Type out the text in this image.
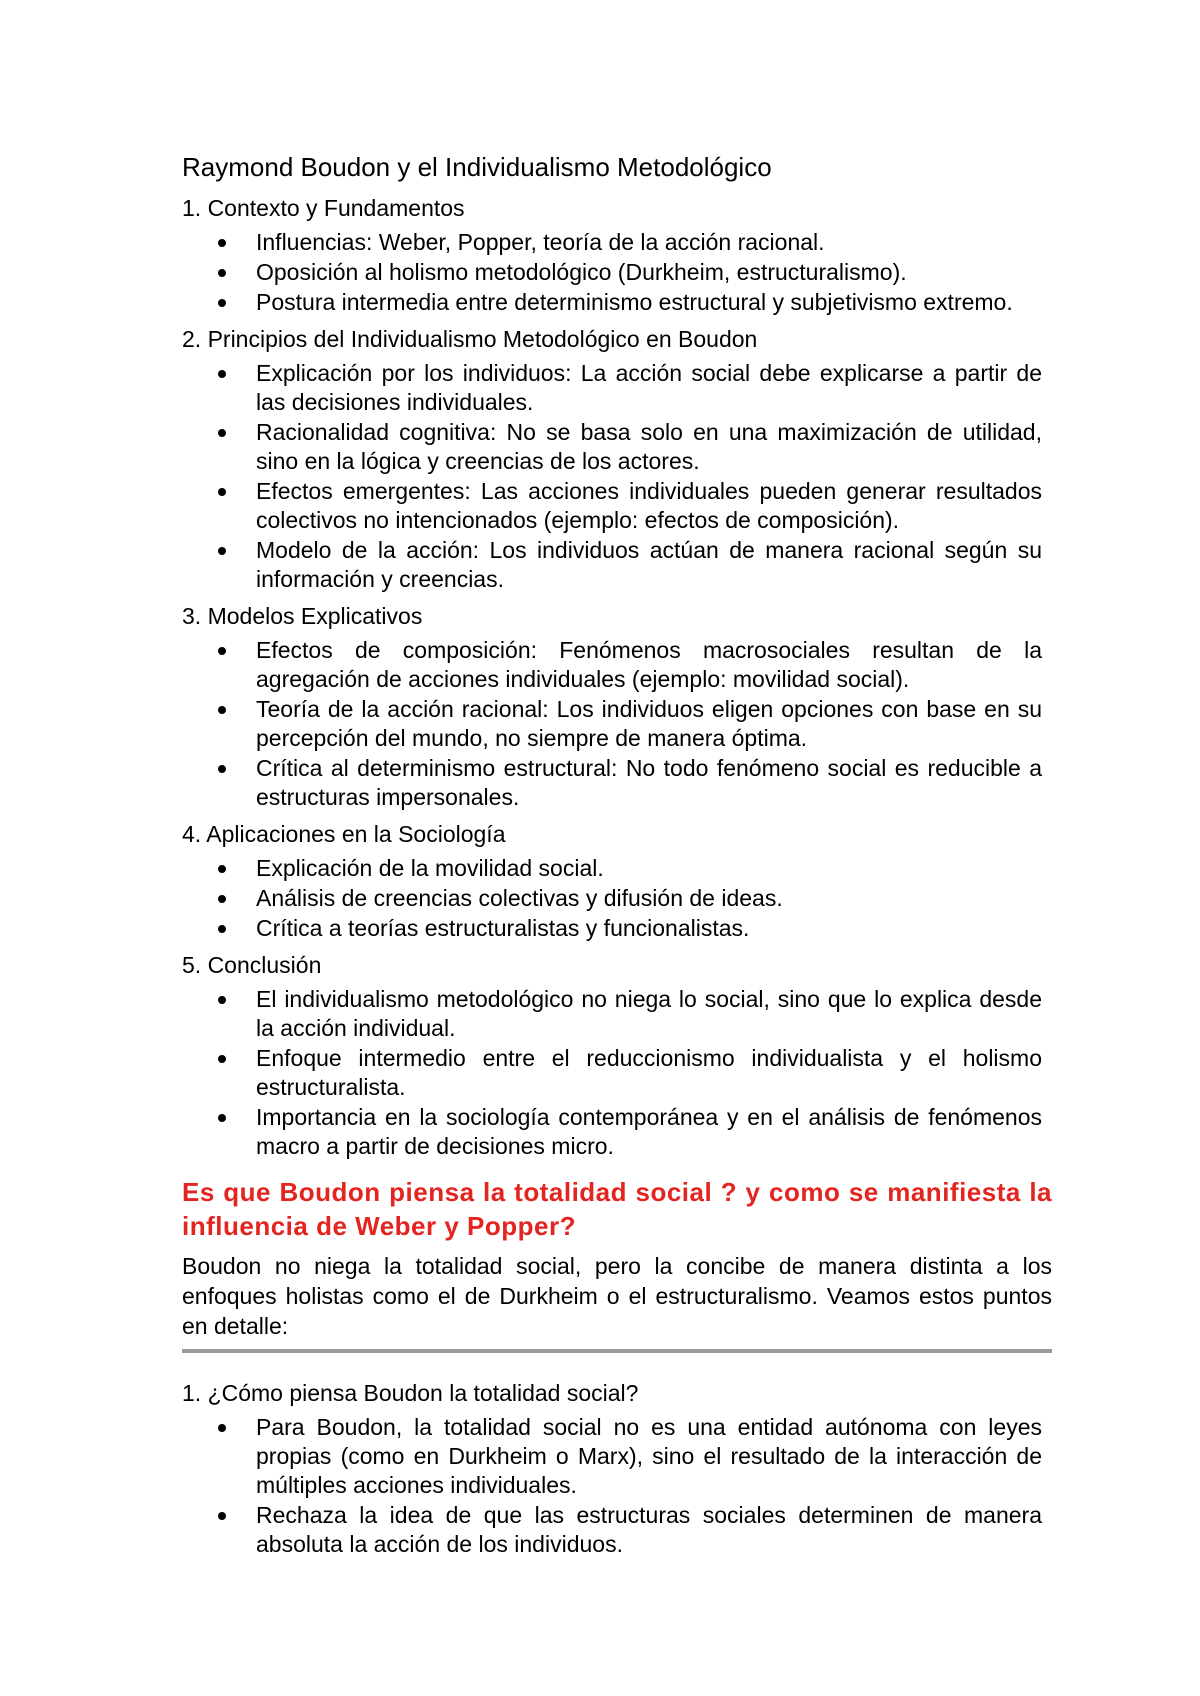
Raymond Boudon y el Individualismo Metodológico
1. Contexto y Fundamentos
Influencias: Weber, Popper, teoría de la acción racional.
Oposición al holismo metodológico (Durkheim, estructuralismo).
Postura intermedia entre determinismo estructural y subjetivismo extremo.
2. Principios del Individualismo Metodológico en Boudon
Explicación por los individuos: La acción social debe explicarse a partir de las decisiones individuales.
Racionalidad cognitiva: No se basa solo en una maximización de utilidad, sino en la lógica y creencias de los actores.
Efectos emergentes: Las acciones individuales pueden generar resultados colectivos no intencionados (ejemplo: efectos de composición).
Modelo de la acción: Los individuos actúan de manera racional según su información y creencias.
3. Modelos Explicativos
Efectos de composición: Fenómenos macrosociales resultan de la agregación de acciones individuales (ejemplo: movilidad social).
Teoría de la acción racional: Los individuos eligen opciones con base en su percepción del mundo, no siempre de manera óptima.
Crítica al determinismo estructural: No todo fenómeno social es reducible a estructuras impersonales.
4. Aplicaciones en la Sociología
Explicación de la movilidad social.
Análisis de creencias colectivas y difusión de ideas.
Crítica a teorías estructuralistas y funcionalistas.
5. Conclusión
El individualismo metodológico no niega lo social, sino que lo explica desde la acción individual.
Enfoque intermedio entre el reduccionismo individualista y el holismo estructuralista.
Importancia en la sociología contemporánea y en el análisis de fenómenos macro a partir de decisiones micro.
Es que Boudon piensa la totalidad social ? y como se manifiesta la influencia de Weber y Popper?

Boudon no niega la totalidad social, pero la concibe de manera distinta a los enfoques holistas como el de Durkheim o el estructuralismo. Veamos estos puntos en detalle:

1. ¿Cómo piensa Boudon la totalidad social?
Para Boudon, la totalidad social no es una entidad autónoma con leyes propias (como en Durkheim o Marx), sino el resultado de la interacción de múltiples acciones individuales.
Rechaza la idea de que las estructuras sociales determinen de manera absoluta la acción de los individuos.
